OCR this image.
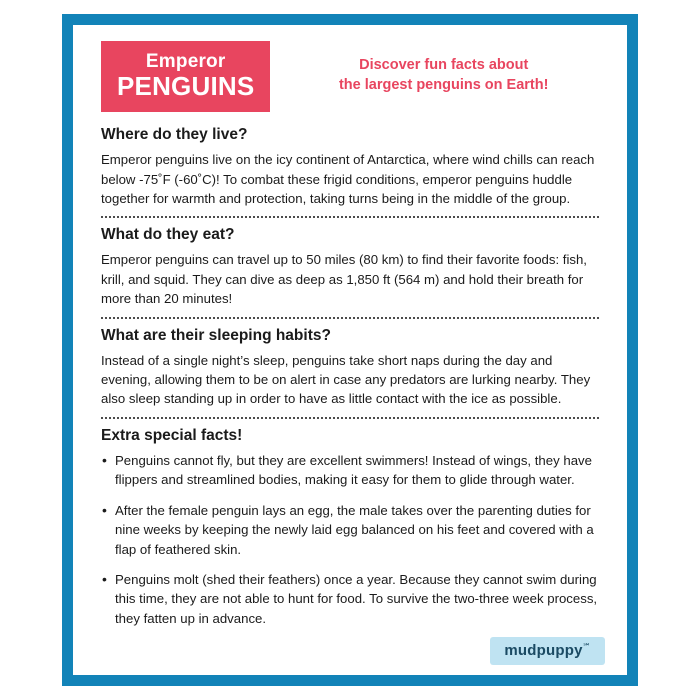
Emperor
PENGUINS
Discover fun facts about
the largest penguins on Earth!
Where do they live?

Emperor penguins live on the icy continent of Antarctica, where wind chills can reach below -75˚F (-60˚C)! To combat these frigid conditions, emperor penguins huddle together for warmth and protection, taking turns being in the middle of the group.

What do they eat?

Emperor penguins can travel up to 50 miles (80 km) to find their favorite foods: fish, krill, and squid. They can dive as deep as 1,850 ft (564 m) and hold their breath for more than 20 minutes!

What are their sleeping habits?

Instead of a single night’s sleep, penguins take short naps during the day and evening, allowing them to be on alert in case any predators are lurking nearby. They also sleep standing up in order to have as little contact with the ice as possible.

Extra special facts!
• Penguins cannot fly, but they are excellent swimmers! Instead of wings, they have flippers and streamlined bodies, making it easy for them to glide through water.
• After the female penguin lays an egg, the male takes over the parenting duties for nine weeks by keeping the newly laid egg balanced on his feet and covered with a flap of feathered skin.
• Penguins molt (shed their feathers) once a year. Because they cannot swim during this time, they are not able to hunt for food. To survive the two-three week process, they fatten up in advance.
mudpuppy℠
